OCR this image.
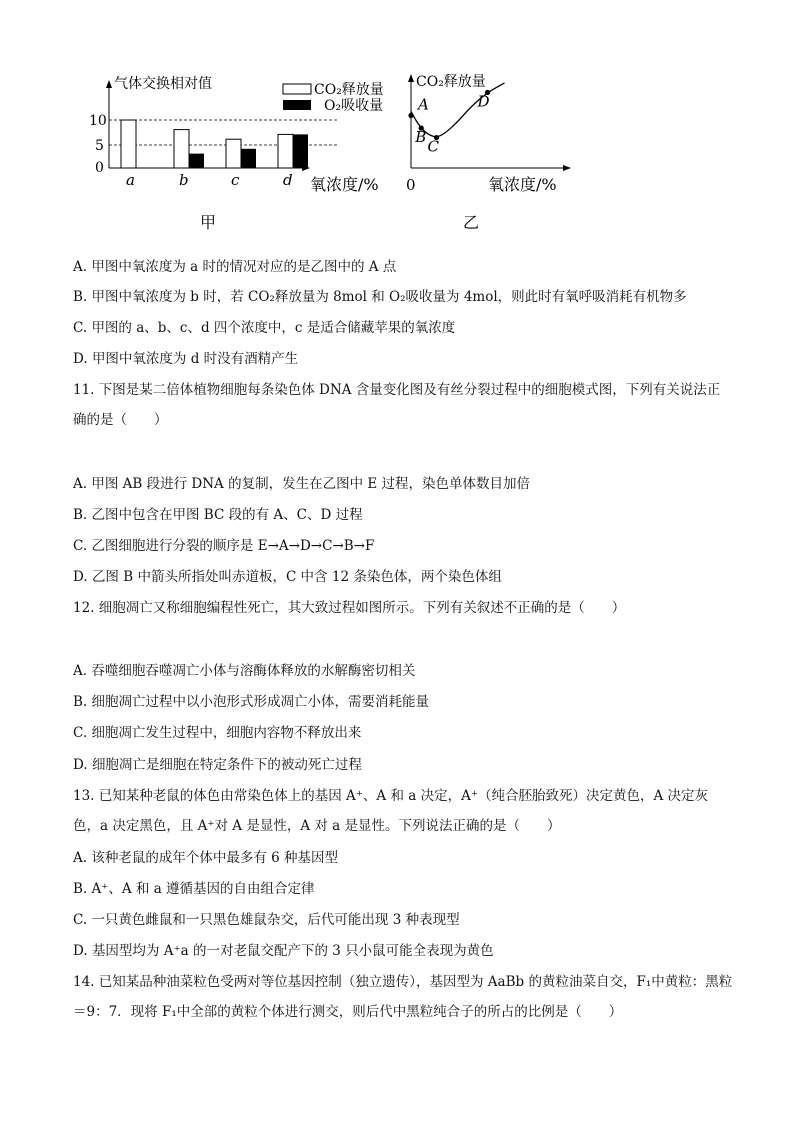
气体交换相对值
10
5
0
a	b	c	d 氧浓度/%
CO₂释放量
O₂吸收量
甲
CO₂释放量
0	氧浓度/%
A
B
C
D
乙
A. 甲图中氧浓度为 a 时的情况对应的是乙图中的 A 点
B. 甲图中氧浓度为 b 时，若 CO₂释放量为 8mol 和 O₂吸收量为 4mol，则此时有氧呼吸消耗有机物多
C. 甲图的 a、b、c、d 四个浓度中，c 是适合储藏苹果的氧浓度
D. 甲图中氧浓度为 d 时没有酒精产生
11. 下图是某二倍体植物细胞每条染色体 DNA 含量变化图及有丝分裂过程中的细胞模式图，下列有关说法正确的是（　　）
A. 甲图 AB 段进行 DNA 的复制，发生在乙图中 E 过程，染色单体数目加倍
B. 乙图中包含在甲图 BC 段的有 A、C、D 过程
C. 乙图细胞进行分裂的顺序是 E→A→D→C→B→F
D. 乙图 B 中箭头所指处叫赤道板，C 中含 12 条染色体，两个染色体组
12. 细胞凋亡又称细胞编程性死亡，其大致过程如图所示。下列有关叙述不正确的是（　　）
A. 吞噬细胞吞噬凋亡小体与溶酶体释放的水解酶密切相关
B. 细胞凋亡过程中以小泡形式形成凋亡小体，需要消耗能量
C. 细胞凋亡发生过程中，细胞内容物不释放出来
D. 细胞凋亡是细胞在特定条件下的被动死亡过程
13. 已知某种老鼠的体色由常染色体上的基因 A⁺、A 和 a 决定，A⁺（纯合胚胎致死）决定黄色，A 决定灰色，a 决定黑色，且 A⁺对 A 是显性，A 对 a 是显性。下列说法正确的是（　　）
A. 该种老鼠的成年个体中最多有 6 种基因型
B. A⁺、A 和 a 遵循基因的自由组合定律
C. 一只黄色雌鼠和一只黑色雄鼠杂交，后代可能出现 3 种表现型
D. 基因型均为 A⁺a 的一对老鼠交配产下的 3 只小鼠可能全表现为黄色
14. 已知某品种油菜粒色受两对等位基因控制（独立遗传），基因型为 AaBb 的黄粒油菜自交，F₁中黄粒：黑粒＝9：7．现将 F₁中全部的黄粒个体进行测交，则后代中黑粒纯合子的所占的比例是（　　）
